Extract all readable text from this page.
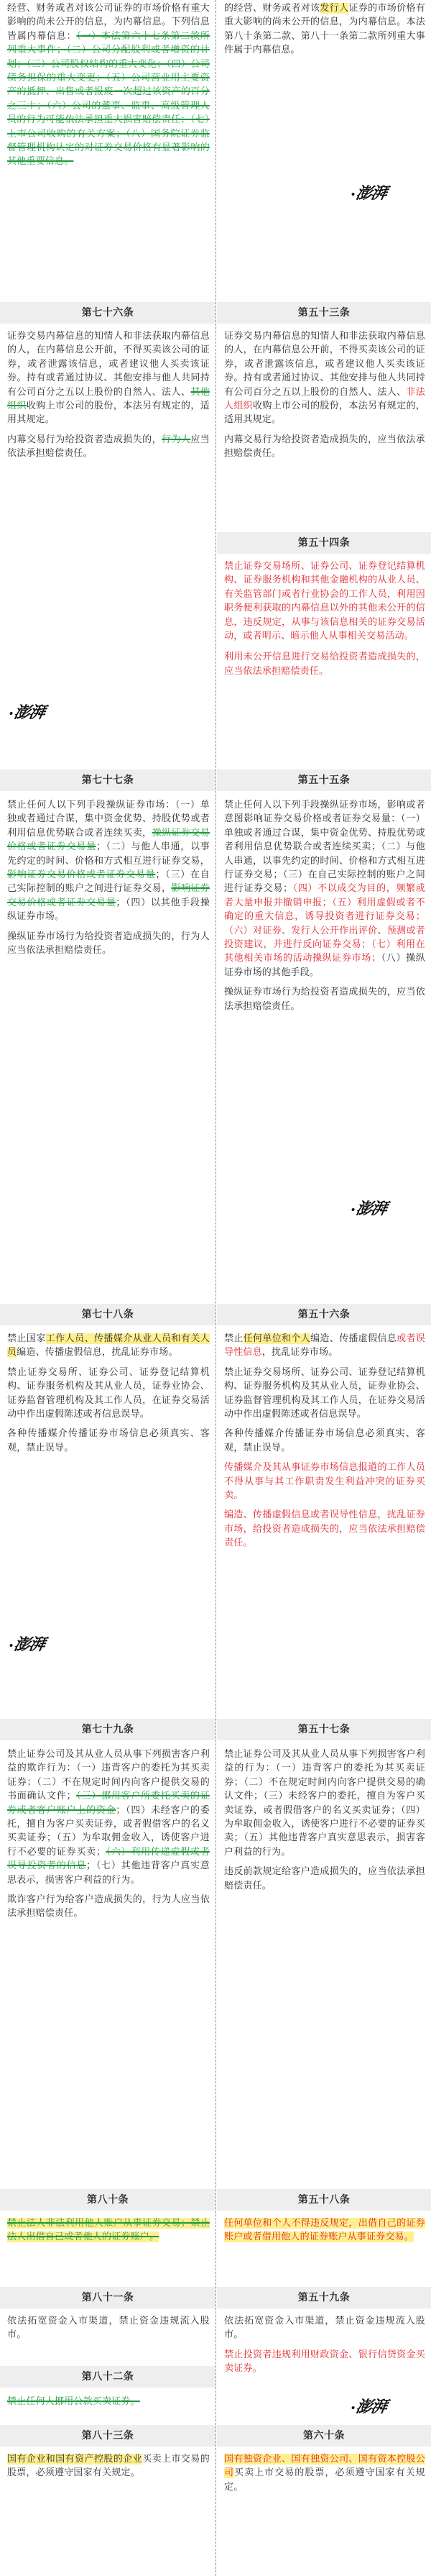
经营、财务或者对该公司证券的市场价格有重大影响的尚未公开的信息，为内幕信息。下列信息皆属内幕信息：（一）本法第六十七条第二款所列重大事件；（二）公司分配股利或者增资的计划；（三）公司股权结构的重大变化；（四）公司债务担保的重大变更；（五）公司营业用主要资产的抵押、出售或者报废一次超过该资产的百分之三十；（六）公司的董事、监事、高级管理人员的行为可能依法承担重大损害赔偿责任；（七）上市公司收购的有关方案；（八）国务院证券监督管理机构认定的对证券交易价格有显著影响的其他重要信息。

第七十六条

证券交易内幕信息的知情人和非法获取内幕信息的人，在内幕信息公开前，不得买卖该公司的证券，或者泄露该信息，或者建议他人买卖该证券。持有或者通过协议、其他安排与他人共同持有公司百分之五以上股份的自然人、法人、其他组织收购上市公司的股份，本法另有规定的，适用其规定。

内幕交易行为给投资者造成损失的，行为人应当依法承担赔偿责任。

澎湃
第七十七条

禁止任何人以下列手段操纵证券市场：（一）单独或者通过合谋，集中资金优势、持股优势或者利用信息优势联合或者连续买卖，操纵证券交易价格或者证券交易量；（二）与他人串通，以事先约定的时间、价格和方式相互进行证券交易，影响证券交易价格或者证券交易量；（三）在自己实际控制的账户之间进行证券交易，影响证券交易价格或者证券交易量；（四）以其他手段操纵证券市场。

操纵证券市场行为给投资者造成损失的，行为人应当依法承担赔偿责任。

第七十八条

禁止国家工作人员、传播媒介从业人员和有关人员编造、传播虚假信息，扰乱证券市场。

禁止证券交易所、证券公司、证券登记结算机构、证券服务机构及其从业人员，证券业协会、证券监督管理机构及其工作人员，在证券交易活动中作出虚假陈述或者信息误导。

各种传播媒介传播证券市场信息必须真实、客观，禁止误导。

澎湃
第七十九条

禁止证券公司及其从业人员从事下列损害客户利益的欺诈行为：（一）违背客户的委托为其买卖证券；（二）不在规定时间内向客户提供交易的书面确认文件；（三）挪用客户所委托买卖的证券或者客户账户上的资金；（四）未经客户的委托，擅自为客户买卖证券，或者假借客户的名义买卖证券；（五）为牟取佣金收入，诱使客户进行不必要的证券买卖；（六）利用传递虚假或者误导投资者的信息；（七）其他违背客户真实意思表示，损害客户利益的行为。

欺诈客户行为给客户造成损失的，行为人应当依法承担赔偿责任。

第八十条

禁止法人非法利用他人账户从事证券交易；禁止法人出借自己或者他人的证券账户。

第八十一条

依法拓宽资金入市渠道，禁止资金违规流入股市。

第八十二条

禁止任何人挪用公款买卖证券。

第八十三条

国有企业和国有资产控股的企业买卖上市交易的股票，必须遵守国家有关规定。

的经营、财务或者对该发行人证券的市场价格有重大影响的尚未公开的信息，为内幕信息。本法第八十条第二款、第八十一条第二款所列重大事件属于内幕信息。

澎湃
第五十三条

证券交易内幕信息的知情人和非法获取内幕信息的人，在内幕信息公开前，不得买卖该公司的证券，或者泄露该信息，或者建议他人买卖该证券。持有或者通过协议、其他安排与他人共同持有公司百分之五以上股份的自然人、法人、非法人组织收购上市公司的股份，本法另有规定的，适用其规定。

内幕交易行为给投资者造成损失的，应当依法承担赔偿责任。

第五十四条

禁止证券交易场所、证券公司、证券登记结算机构、证券服务机构和其他金融机构的从业人员、有关监管部门或者行业协会的工作人员，利用因职务便利获取的内幕信息以外的其他未公开的信息，违反规定，从事与该信息相关的证券交易活动，或者明示、暗示他人从事相关交易活动。

利用未公开信息进行交易给投资者造成损失的，应当依法承担赔偿责任。

第五十五条

禁止任何人以下列手段操纵证券市场，影响或者意图影响证券交易价格或者证券交易量：（一）单独或者通过合谋，集中资金优势、持股优势或者利用信息优势联合或者连续买卖；（二）与他人串通，以事先约定的时间、价格和方式相互进行证券交易；（三）在自己实际控制的账户之间进行证券交易；（四）不以成交为目的，频繁或者大量申报并撤销申报；（五）利用虚假或者不确定的重大信息，诱导投资者进行证券交易；（六）对证券、发行人公开作出评价、预测或者投资建议，并进行反向证券交易；（七）利用在其他相关市场的活动操纵证券市场；（八）操纵证券市场的其他手段。

操纵证券市场行为给投资者造成损失的，应当依法承担赔偿责任。

澎湃
第五十六条

禁止任何单位和个人编造、传播虚假信息或者误导性信息，扰乱证券市场。

禁止证券交易场所、证券公司、证券登记结算机构、证券服务机构及其从业人员，证券业协会、证券监督管理机构及其工作人员，在证券交易活动中作出虚假陈述或者信息误导。

各种传播媒介传播证券市场信息必须真实、客观，禁止误导。

传播媒介及其从事证券市场信息报道的工作人员不得从事与其工作职责发生利益冲突的证券买卖。

编造、传播虚假信息或者误导性信息，扰乱证券市场，给投资者造成损失的，应当依法承担赔偿责任。

第五十七条

禁止证券公司及其从业人员从事下列损害客户利益的行为：（一）违背客户的委托为其买卖证券；（二）不在规定时间内向客户提供交易的确认文件；（三）未经客户的委托，擅自为客户买卖证券，或者假借客户的名义买卖证券；（四）为牟取佣金收入，诱使客户进行不必要的证券买卖；（五）其他违背客户真实意思表示，损害客户利益的行为。

违反前款规定给客户造成损失的，应当依法承担赔偿责任。

第五十八条

任何单位和个人不得违反规定，出借自己的证券账户或者借用他人的证券账户从事证券交易。

第五十九条

依法拓宽资金入市渠道，禁止资金违规流入股市。

禁止投资者违规利用财政资金、银行信贷资金买卖证券。

澎湃
第六十条

国有独资企业、国有独资公司、国有资本控股公司买卖上市交易的股票，必须遵守国家有关规定。
